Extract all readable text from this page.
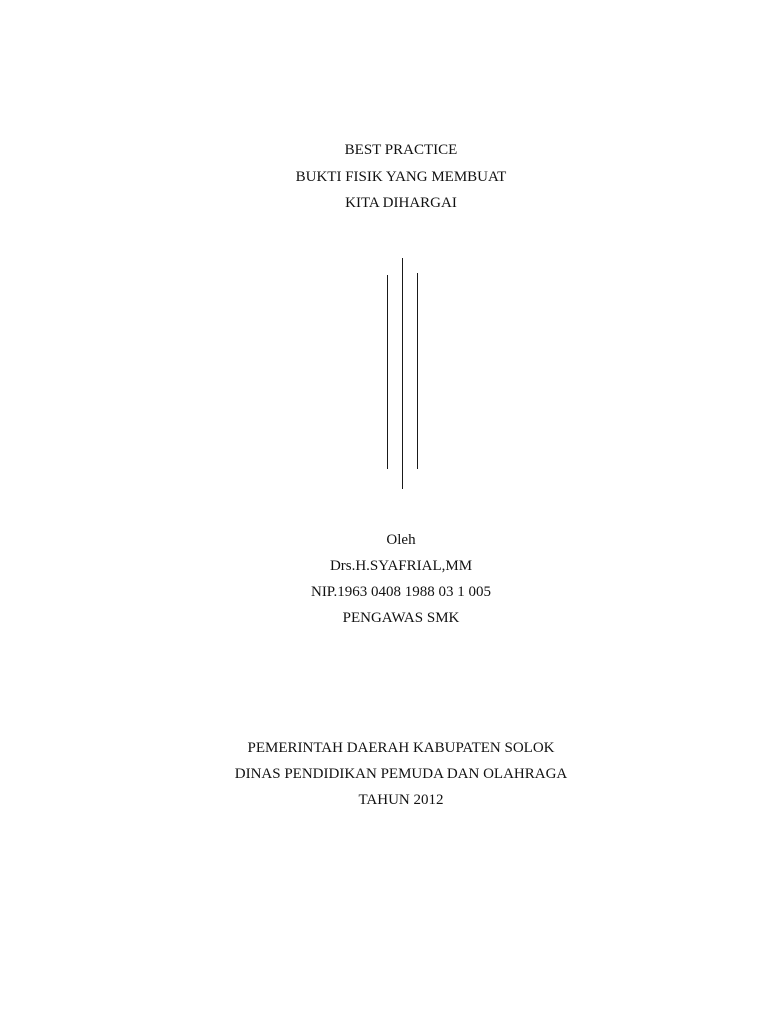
BEST PRACTICE
BUKTI FISIK YANG MEMBUAT
KITA DIHARGAI
Oleh
Drs.H.SYAFRIAL,MM
NIP.1963 0408 1988 03 1 005
PENGAWAS SMK
PEMERINTAH DAERAH KABUPATEN SOLOK
DINAS PENDIDIKAN PEMUDA DAN OLAHRAGA
TAHUN 2012
